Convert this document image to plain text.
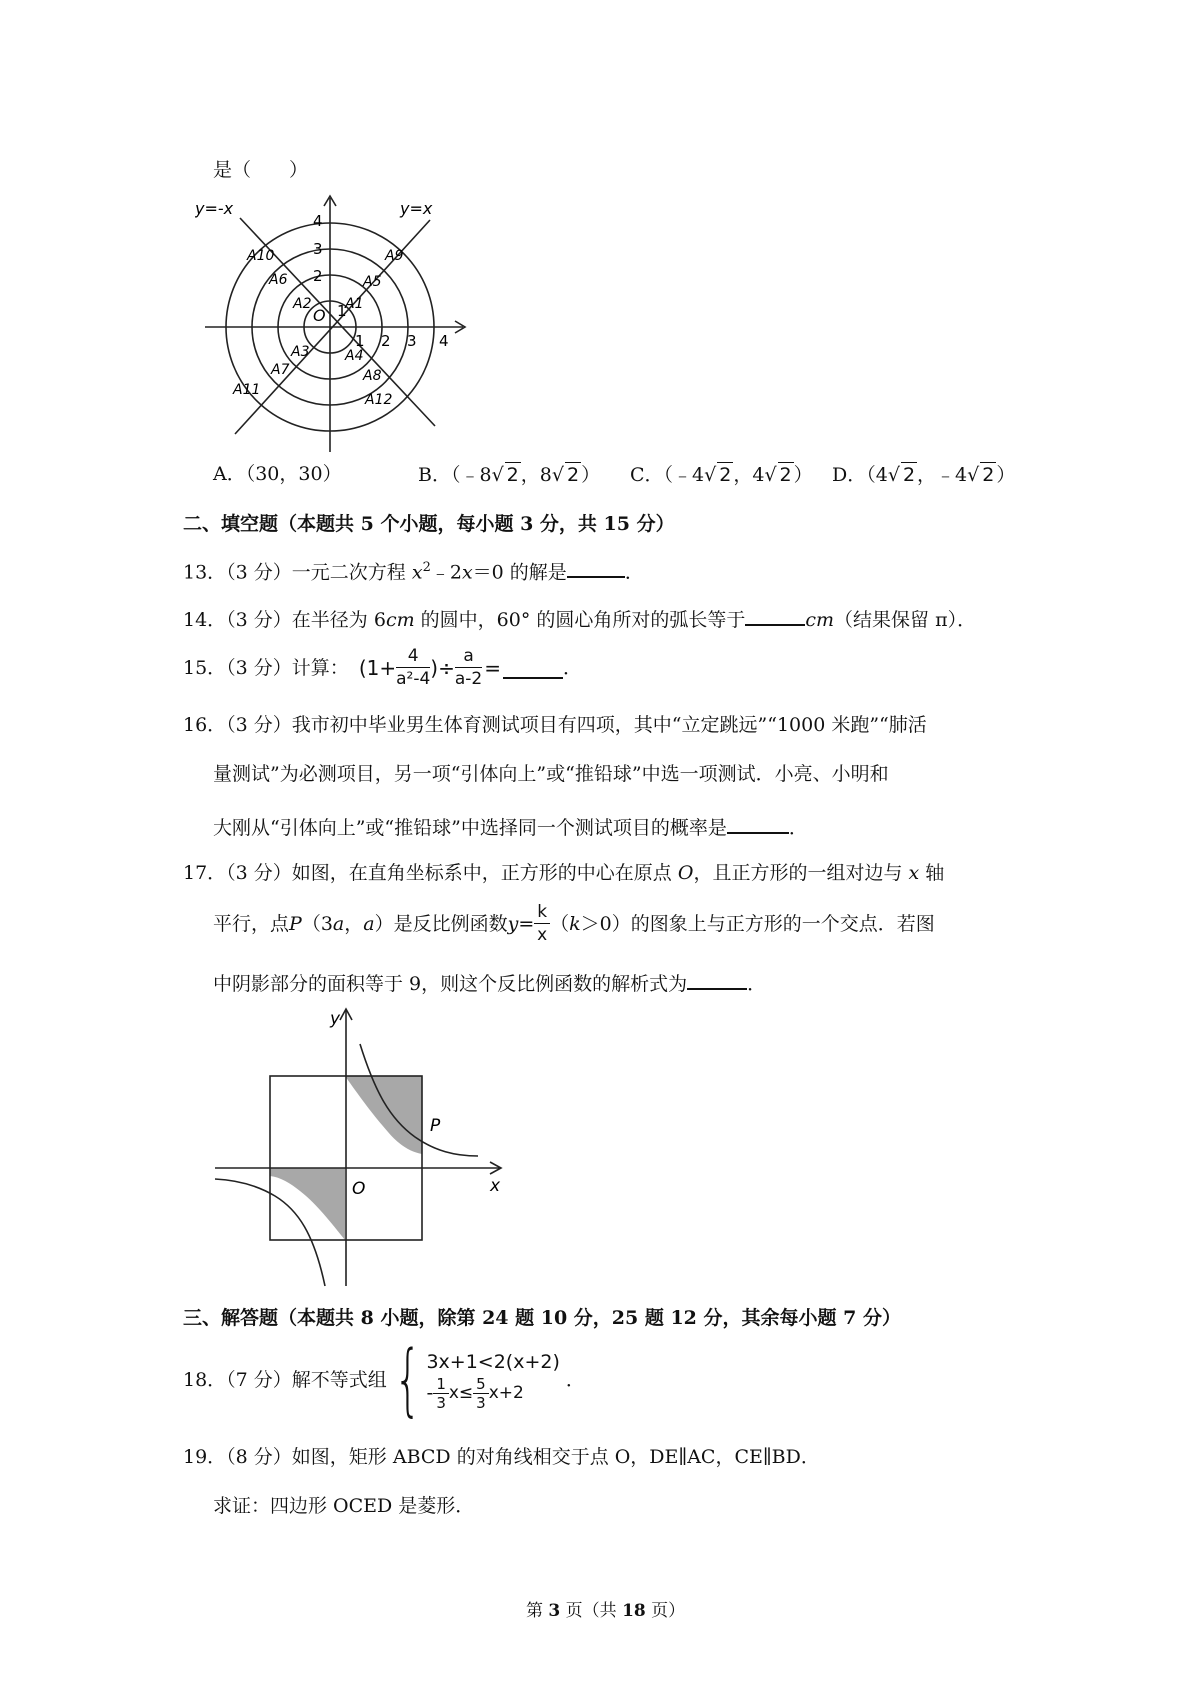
是（　　）
y=-x	y=x
O 1
2
3
4
1 2 3 4
A1
A2
A3	A4
A5
A6
A7	A8
A9
A10
A11
A12
A．（30，30）	B．（﹣8√ 2 ，8√ 2 ） C．（﹣4√ 2 ，4√ 2 ） D．（4√ 2 ，﹣4√ 2 ）
二、填空题（本题共 5 个小题，每小题 3 分，共 15 分）
13．（3 分）一元二次方程 $x^2﹣2x=0$ 的解是	．
14．（3 分）在半径为 6cm 的圆中，60° 的圆心角所对的弧长等于	cm（结果保留 π）．
15．（3 分）计算： ($1+ \frac{4}{\text{a²-4}}$ )÷ $\frac{a}{a-2}$ =	．
16．（3 分）我市初中毕业男生体育测试项目有四项，其中“立定跳远”“1000 米跑”“肺活
量测试”为必测项目，另一项“引体向上”或“推铅球”中选一项测试．小亮、小明和
大刚从“引体向上”或“推铅球”中选择同一个测试项目的概率是	．
17．（3 分）如图，在直角坐标系中，正方形的中心在原点 O，且正方形的一组对边与 x 轴
平行，点 P （3 a ， a ）是反比例函数 $y = \frac{k}{x}$ （ k ＞0）的图象上与正方形的一个交点．若图
中阴影部分的面积等于 9，则这个反比例函数的解析式为	．
y
x
O
P
三、解答题（本题共 8 小题，除第 24 题 10 分，25 题 12 分，其余每小题 7 分）
18．（7 分）解不等式组 { 3x+1<2(x+2)
- $\frac{1}{3} x\le \frac{5}{3} x+2$
．
19．（8 分）如图，矩形 ABCD 的对角线相交于点 O，DE∥AC，CE∥BD．
求证：四边形 OCED 是菱形．
第 3 页（共 18 页）
